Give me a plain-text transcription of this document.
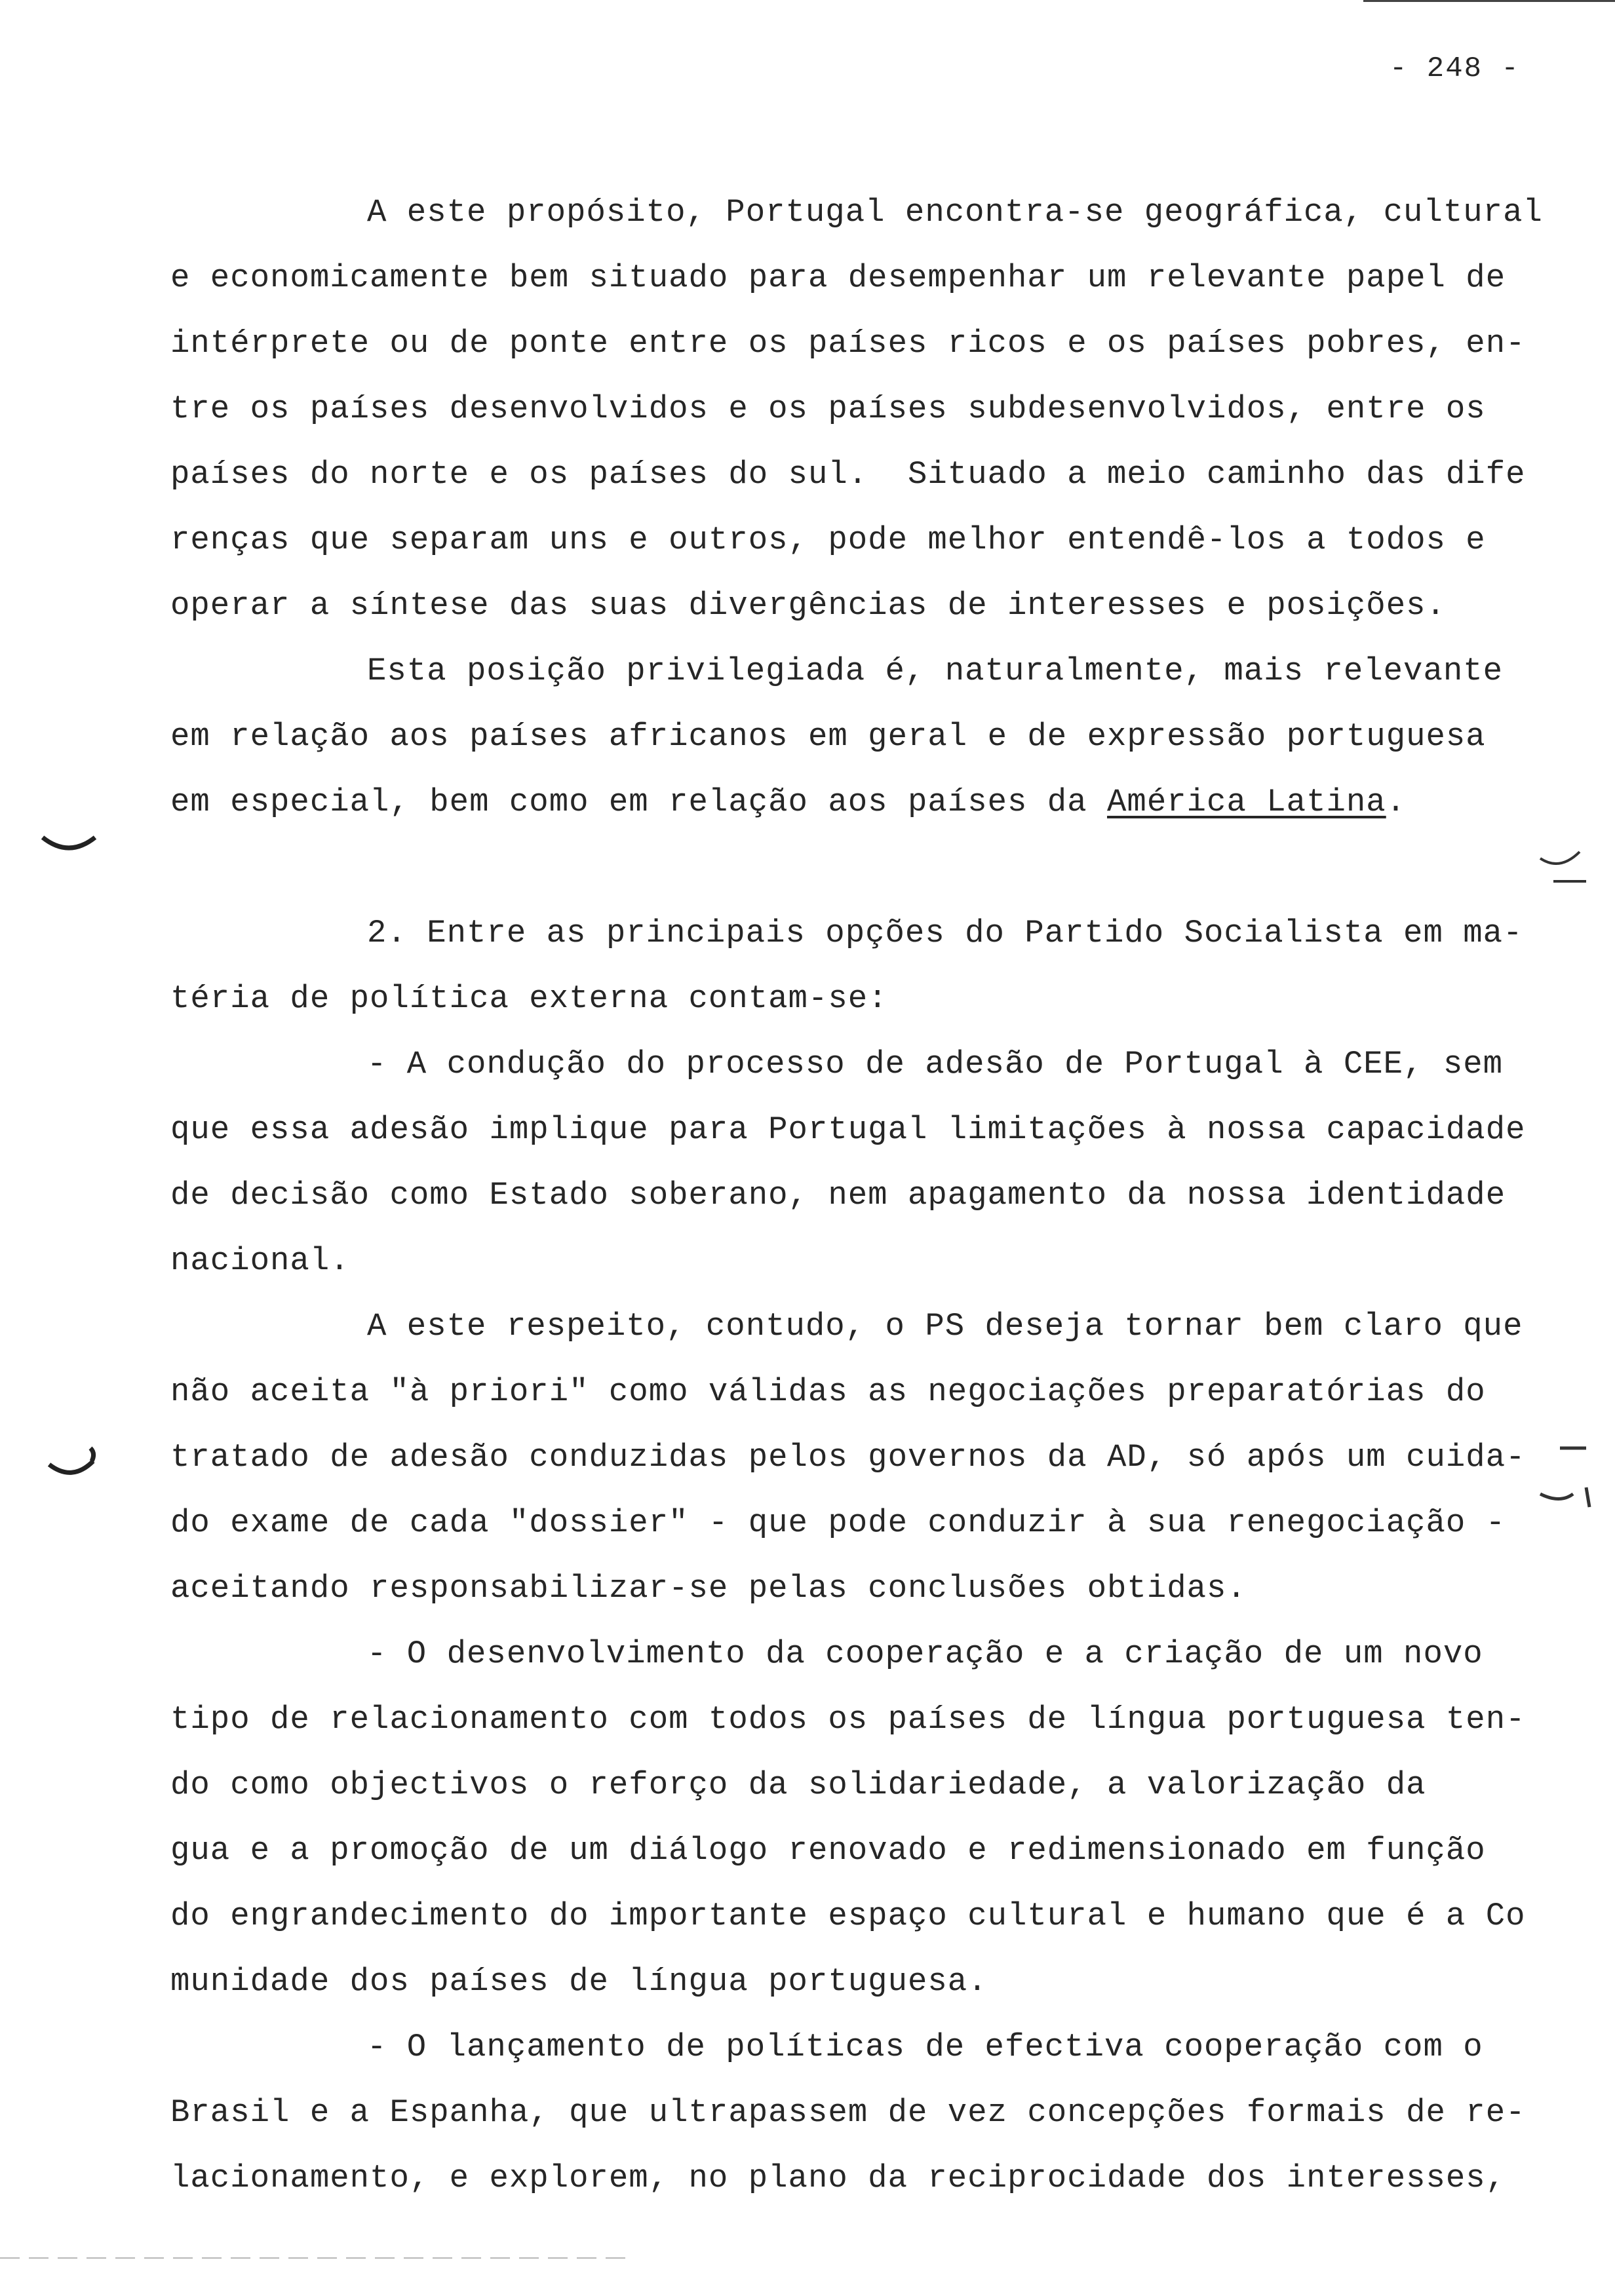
- 248 -
A este propósito, Portugal encontra-se geográfica, cultural
e economicamente bem situado para desempenhar um relevante papel de
intérprete ou de ponte entre os países ricos e os países pobres, en-
tre os países desenvolvidos e os países subdesenvolvidos, entre os
países do norte e os países do sul.  Situado a meio caminho das dife
renças que separam uns e outros, pode melhor entendê-los a todos e
operar a síntese das suas divergências de interesses e posições.
Esta posição privilegiada é, naturalmente, mais relevante
em relação aos países africanos em geral e de expressão portuguesa
em especial, bem como em relação aos países da América Latina.
2. Entre as principais opções do Partido Socialista em ma-
téria de política externa contam-se:
- A condução do processo de adesão de Portugal à CEE, sem
que essa adesão implique para Portugal limitações à nossa capacidade
de decisão como Estado soberano, nem apagamento da nossa identidade
nacional.
A este respeito, contudo, o PS deseja tornar bem claro que
não aceita "à priori" como válidas as negociações preparatórias do
tratado de adesão conduzidas pelos governos da AD, só após um cuida-
do exame de cada "dossier" - que pode conduzir à sua renegociação -
aceitando responsabilizar-se pelas conclusões obtidas.
- O desenvolvimento da cooperação e a criação de um novo
tipo de relacionamento com todos os países de língua portuguesa ten-
do como objectivos o reforço da solidariedade, a valorização da
gua e a promoção de um diálogo renovado e redimensionado em função
do engrandecimento do importante espaço cultural e humano que é a Co
munidade dos países de língua portuguesa.
- O lançamento de políticas de efectiva cooperação com o
Brasil e a Espanha, que ultrapassem de vez concepções formais de re-
lacionamento, e explorem, no plano da reciprocidade dos interesses,
